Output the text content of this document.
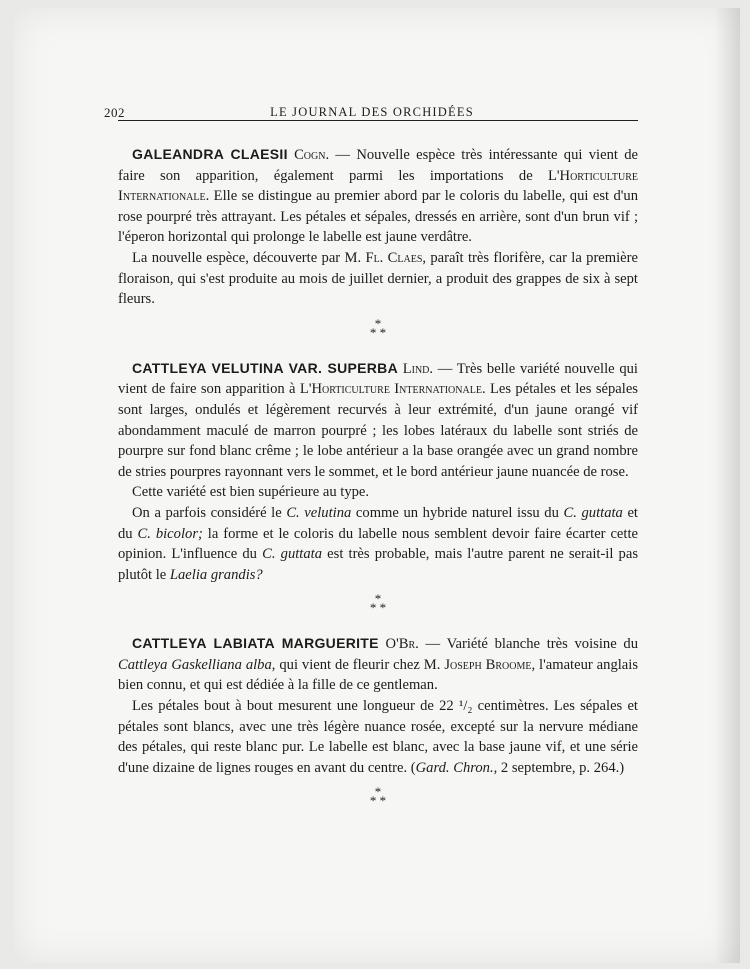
202	LE JOURNAL DES ORCHIDÉES

GALEANDRA CLAESII Cogn. — Nouvelle espèce très intéressante qui vient de faire son apparition, également parmi les importations de L'Horticulture Internationale. Elle se distingue au premier abord par le coloris du labelle, qui est d'un rose pourpré très attrayant. Les pétales et sépales, dressés en arrière, sont d'un brun vif ; l'éperon horizontal qui prolonge le labelle est jaune verdâtre.

La nouvelle espèce, découverte par M. Fl. Claes, paraît très florifère, car la première floraison, qui s'est produite au mois de juillet dernier, a produit des grappes de six à sept fleurs.

*
* *

CATTLEYA VELUTINA VAR. SUPERBA Lind. — Très belle variété nouvelle qui vient de faire son apparition à L'Horticulture Internationale. Les pétales et les sépales sont larges, ondulés et légèrement recurvés à leur extrémité, d'un jaune orangé vif abondamment maculé de marron pourpré ; les lobes latéraux du labelle sont striés de pourpre sur fond blanc crême ; le lobe antérieur a la base orangée avec un grand nombre de stries pourpres rayonnant vers le sommet, et le bord antérieur jaune nuancée de rose.

Cette variété est bien supérieure au type.

On a parfois considéré le C. velutina comme un hybride naturel issu du C. guttata et du C. bicolor; la forme et le coloris du labelle nous semblent devoir faire écarter cette opinion. L'influence du C. guttata est très probable, mais l'autre parent ne serait-il pas plutôt le Laelia grandis?

*
* *

CATTLEYA LABIATA MARGUERITE O'Br. — Variété blanche très voisine du Cattleya Gaskelliana alba, qui vient de fleurir chez M. Joseph Broome, l'amateur anglais bien connu, et qui est dédiée à la fille de ce gentleman.

Les pétales bout à bout mesurent une longueur de 22 ¹/₂ centimètres. Les sépales et pétales sont blancs, avec une très légère nuance rosée, excepté sur la nervure médiane des pétales, qui reste blanc pur. Le labelle est blanc, avec la base jaune vif, et une série d'une dizaine de lignes rouges en avant du centre. (Gard. Chron., 2 septembre, p. 264.)

*
* *
